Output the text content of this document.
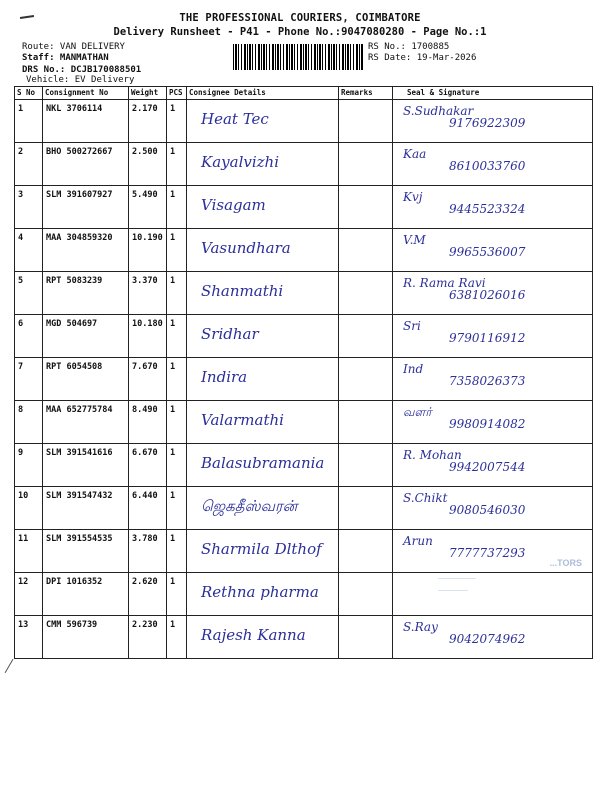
THE PROFESSIONAL COURIERS, COIMBATORE
Delivery Runsheet - P41 - Phone No.:9047080280 - Page No.:1
Route: VAN DELIVERY
Staff: MANMATHAN
DRS No.: DCJB170088501
Vehicle: EV Delivery
RS No.: 1700885
RS Date: 19-Mar-2026
S No	Consignment No	Weight	PCS	Consignee Details	Remarks	Seal & Signature

1	NKL 3706114	2.170	1	Heat Tec		S.Sudhakar
9176922309

2	BHO 500272667	2.500	1	Kayalvizhi		Kaa
8610033760

3	SLM 391607927	5.490	1	Visagam		Kvj
9445523324

4	MAA 304859320	10.190	1	Vasundhara		V.M
9965536007

5	RPT 5083239	3.370	1	Shanmathi		R. Rama Ravi
6381026016

6	MGD 504697	10.180	1	Sridhar		Sri
9790116912

7	RPT 6054508	7.670	1	Indira		Ind
7358026373

8	MAA 652775784	8.490	1	Valarmathi		வளர்
9980914082

9	SLM 391541616	6.670	1	Balasubramania		R. Mohan
9942007544

10	SLM 391547432	6.440	1	ஜெகதீஸ்வரன்		S.Chikt
9080546030

11	SLM 391554535	3.780	1	Sharmila Dlthof		Arun
7777737293

12	DPI 1016352	2.620	1	Rethna pharma		

13	CMM 596739	2.230	1	Rajesh Kanna		S.Ray
9042074962
...TORS
─────────
───────
